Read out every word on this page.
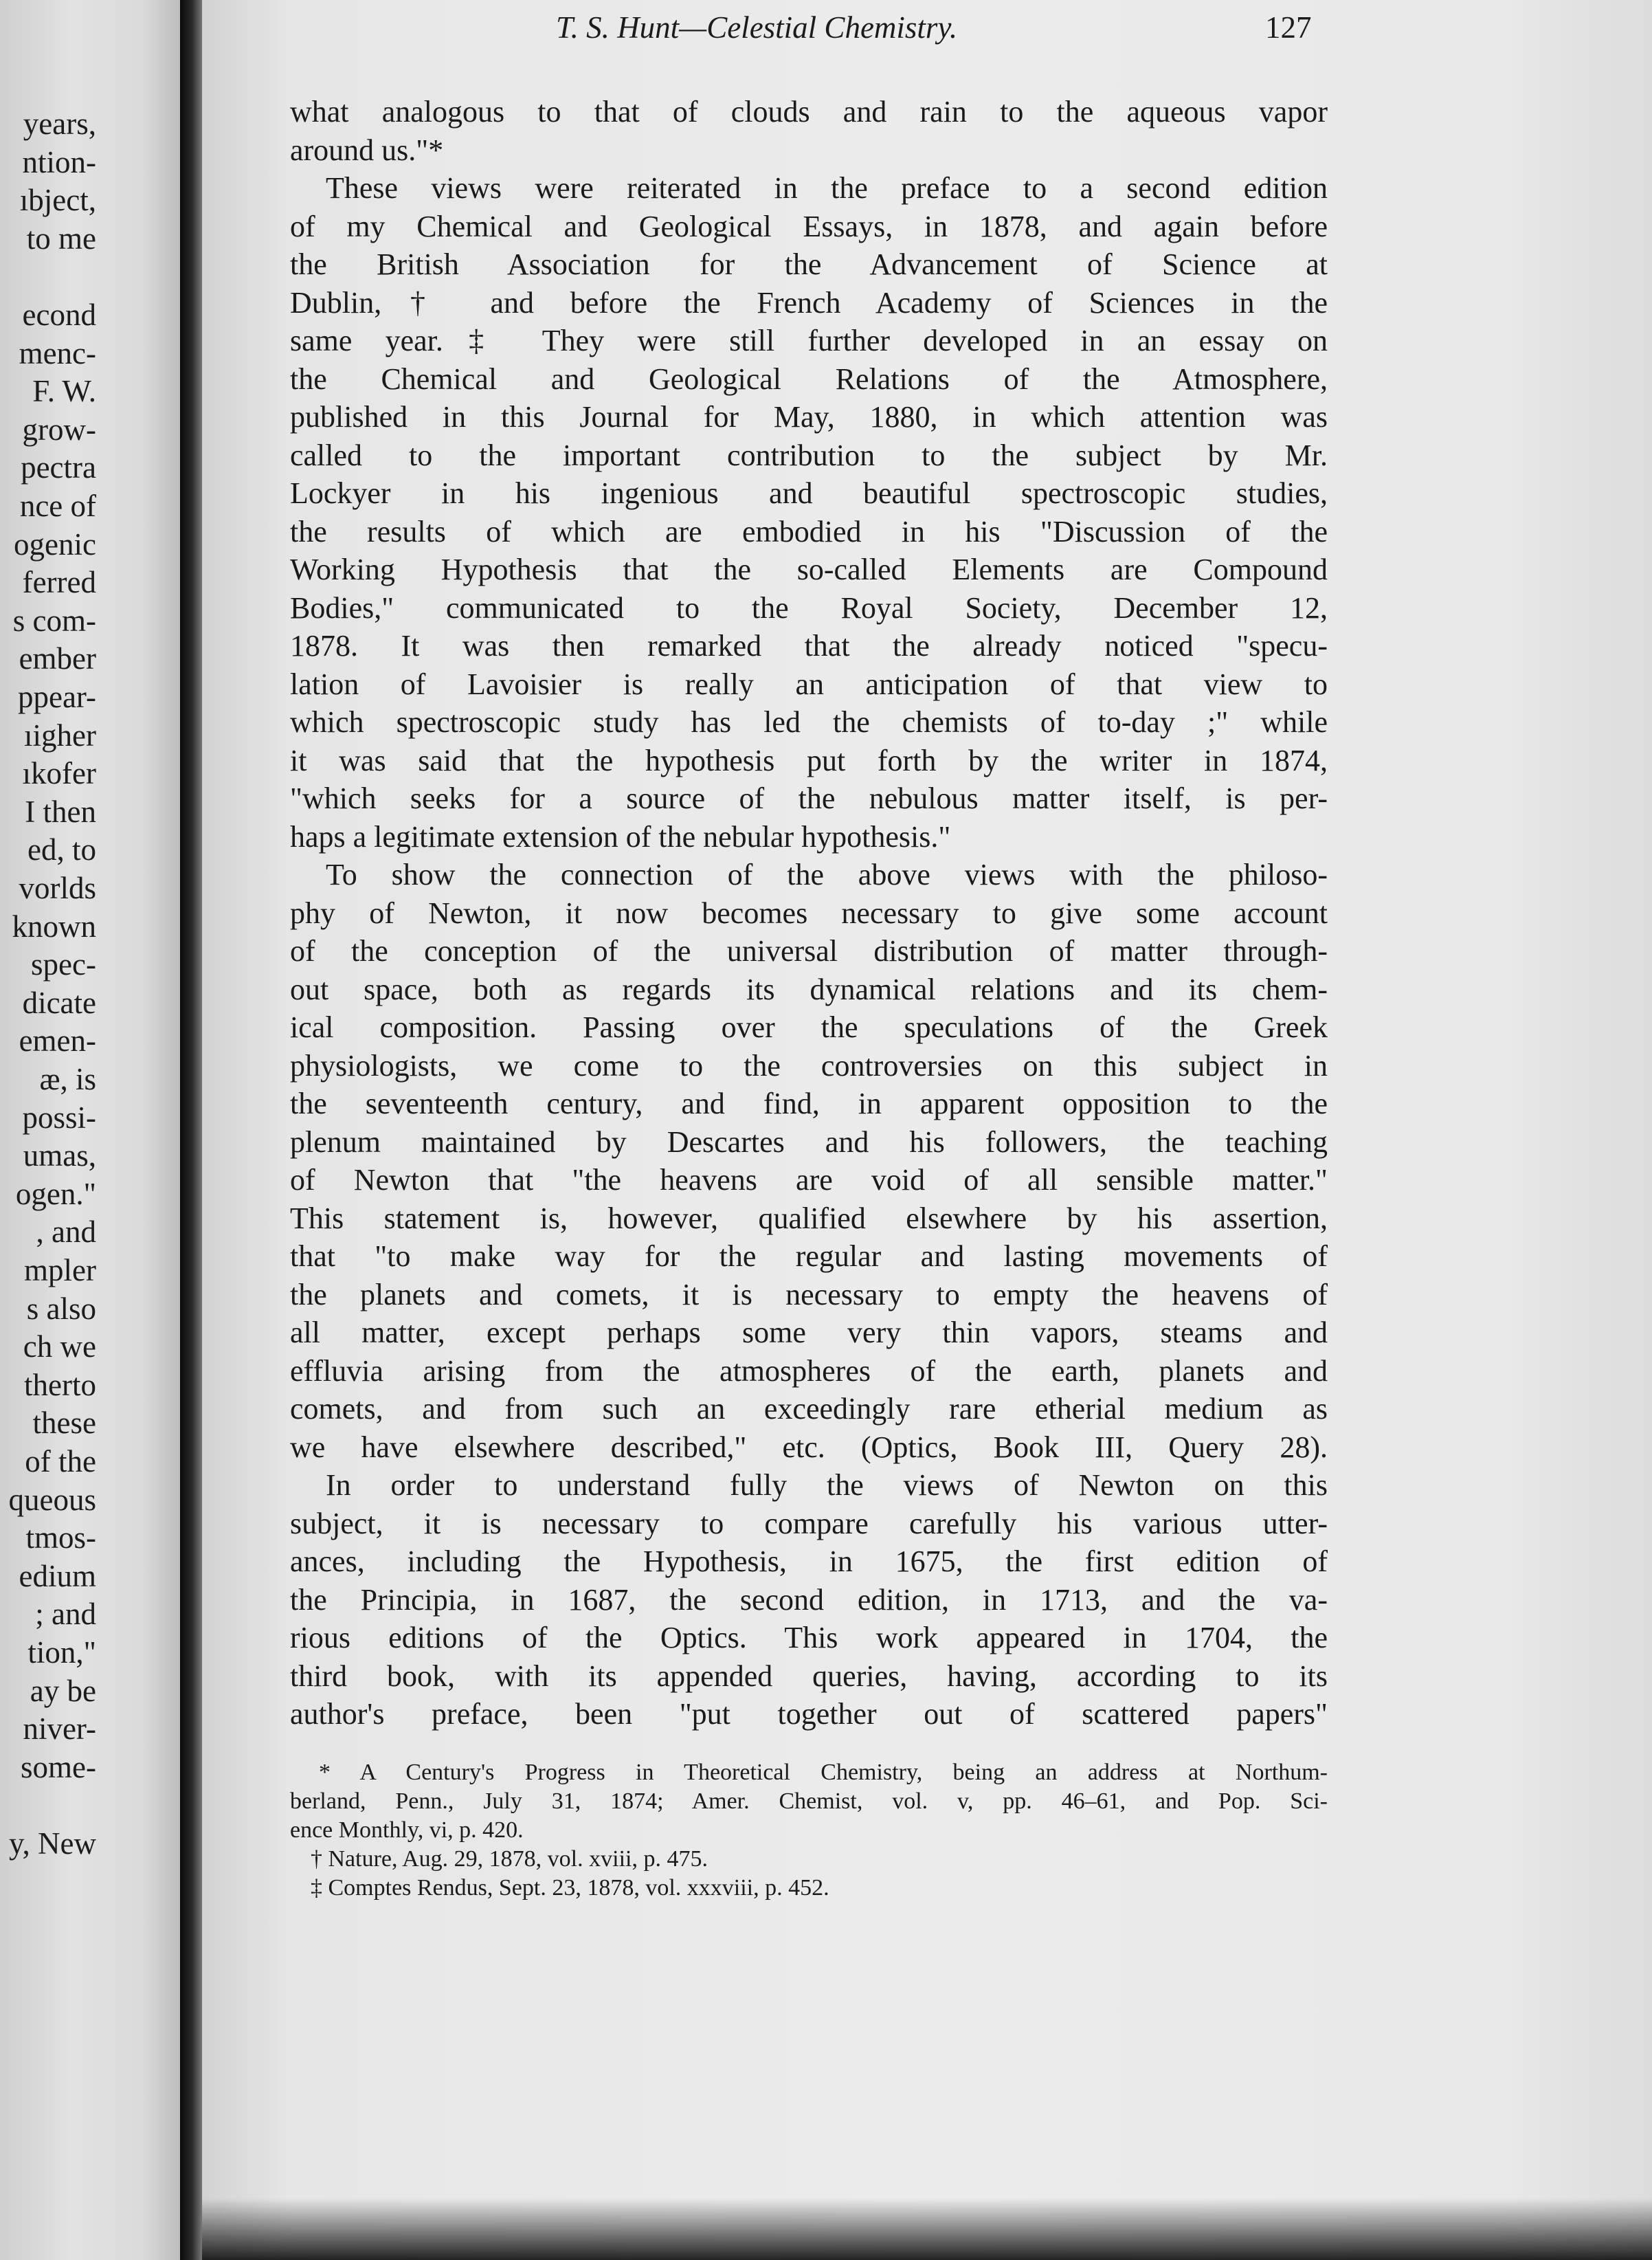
years,
ntion-
ıbject,
to me
econd
menc-
F. W.
grow-
pectra
nce of
ogenic
ferred
s com-
ember
ppear-
ıigher
ıkofer
I then
ed, to
vorlds
known
spec-
dicate
emen-
æ, is
possi-
umas,
ogen."
, and
mpler
s also
ch we
therto
these
of the
queous
tmos-
edium
; and
tion,"
ay be
niver-
some-
y, New
T. S. Hunt—Celestial Chemistry.	127
what analogous to that of clouds and rain to the aqueous vapor
around us."*
These views were reiterated in the preface to a second edition
of my Chemical and Geological Essays, in 1878, and again before
the British Association for the Advancement of Science at
Dublin,† and before the French Academy of Sciences in the
same year.‡ They were still further developed in an essay on
the Chemical and Geological Relations of the Atmosphere,
published in this Journal for May, 1880, in which attention was
called to the important contribution to the subject by Mr.
Lockyer in his ingenious and beautiful spectroscopic studies,
the results of which are embodied in his "Discussion of the
Working Hypothesis that the so-called Elements are Compound
Bodies," communicated to the Royal Society, December 12,
1878. It was then remarked that the already noticed "specu-
lation of Lavoisier is really an anticipation of that view to
which spectroscopic study has led the chemists of to-day ;" while
it was said that the hypothesis put forth by the writer in 1874,
"which seeks for a source of the nebulous matter itself, is per-
haps a legitimate extension of the nebular hypothesis."
To show the connection of the above views with the philoso-
phy of Newton, it now becomes necessary to give some account
of the conception of the universal distribution of matter through-
out space, both as regards its dynamical relations and its chem-
ical composition. Passing over the speculations of the Greek
physiologists, we come to the controversies on this subject in
the seventeenth century, and find, in apparent opposition to the
plenum maintained by Descartes and his followers, the teaching
of Newton that "the heavens are void of all sensible matter."
This statement is, however, qualified elsewhere by his assertion,
that "to make way for the regular and lasting movements of
the planets and comets, it is necessary to empty the heavens of
all matter, except perhaps some very thin vapors, steams and
effluvia arising from the atmospheres of the earth, planets and
comets, and from such an exceedingly rare etherial medium as
we have elsewhere described," etc. (Optics, Book III, Query 28).
In order to understand fully the views of Newton on this
subject, it is necessary to compare carefully his various utter-
ances, including the Hypothesis, in 1675, the first edition of
the Principia, in 1687, the second edition, in 1713, and the va-
rious editions of the Optics. This work appeared in 1704, the
third book, with its appended queries, having, according to its
author's preface, been "put together out of scattered papers"
* A Century's Progress in Theoretical Chemistry, being an address at Northum-
berland, Penn., July 31, 1874; Amer. Chemist, vol. v, pp. 46–61, and Pop. Sci-
ence Monthly, vi, p. 420.
† Nature, Aug. 29, 1878, vol. xviii, p. 475.
‡ Comptes Rendus, Sept. 23, 1878, vol. xxxviii, p. 452.
